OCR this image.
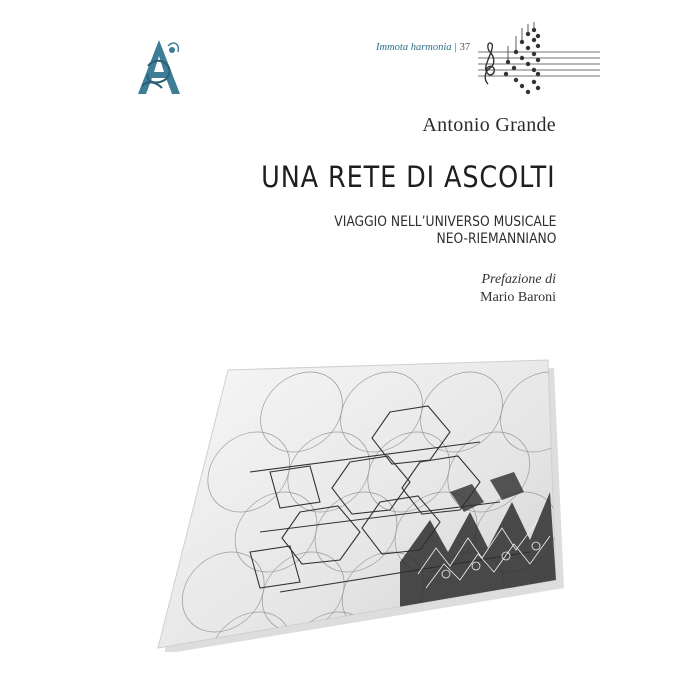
Immota harmonia | 37
Antonio Grande
UNA RETE DI ASCOLTI
VIAGGIO NELL’UNIVERSO MUSICALE
NEO-RIEMANNIANO
Prefazione di
Mario Baroni
